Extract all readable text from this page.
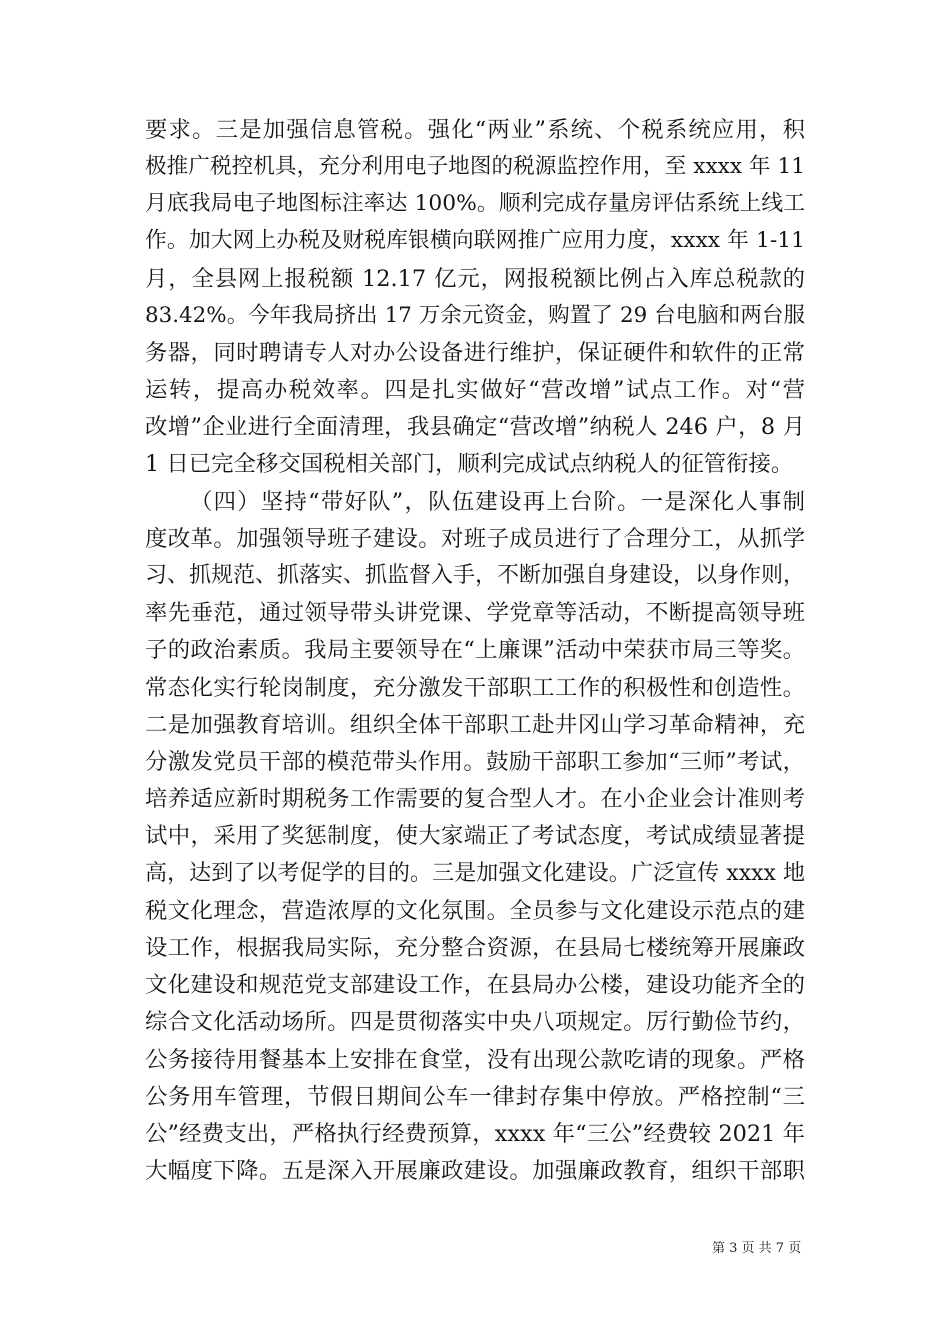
要求。三是加强信息管税。强化“两业”系统、个税系统应用，积
极推广税控机具，充分利用电子地图的税源监控作用，至 xxxx 年 11
月底我局电子地图标注率达 100%。顺利完成存量房评估系统上线工
作。加大网上办税及财税库银横向联网推广应用力度，xxxx 年 1-11
月，全县网上报税额 12.17 亿元，网报税额比例占入库总税款的
83.42%。今年我局挤出 17 万余元资金，购置了 29 台电脑和两台服
务器，同时聘请专人对办公设备进行维护，保证硬件和软件的正常
运转，提高办税效率。四是扎实做好“营改增”试点工作。对“营
改增”企业进行全面清理，我县确定“营改增”纳税人 246 户，8 月
1 日已完全移交国税相关部门，顺利完成试点纳税人的征管衔接。
（四）坚持“带好队”，队伍建设再上台阶。一是深化人事制
度改革。加强领导班子建设。对班子成员进行了合理分工，从抓学
习、抓规范、抓落实、抓监督入手，不断加强自身建设，以身作则，
率先垂范，通过领导带头讲党课、学党章等活动，不断提高领导班
子的政治素质。我局主要领导在“上廉课”活动中荣获市局三等奖。
常态化实行轮岗制度，充分激发干部职工工作的积极性和创造性。
二是加强教育培训。组织全体干部职工赴井冈山学习革命精神，充
分激发党员干部的模范带头作用。鼓励干部职工参加“三师”考试，
培养适应新时期税务工作需要的复合型人才。在小企业会计准则考
试中，采用了奖惩制度，使大家端正了考试态度，考试成绩显著提
高，达到了以考促学的目的。三是加强文化建设。广泛宣传 xxxx 地
税文化理念，营造浓厚的文化氛围。全员参与文化建设示范点的建
设工作，根据我局实际，充分整合资源，在县局七楼统筹开展廉政
文化建设和规范党支部建设工作，在县局办公楼，建设功能齐全的
综合文化活动场所。四是贯彻落实中央八项规定。厉行勤俭节约，
公务接待用餐基本上安排在食堂，没有出现公款吃请的现象。严格
公务用车管理，节假日期间公车一律封存集中停放。严格控制“三
公”经费支出，严格执行经费预算，xxxx 年“三公”经费较 2021 年
大幅度下降。五是深入开展廉政建设。加强廉政教育，组织干部职
第 3 页 共 7 页
